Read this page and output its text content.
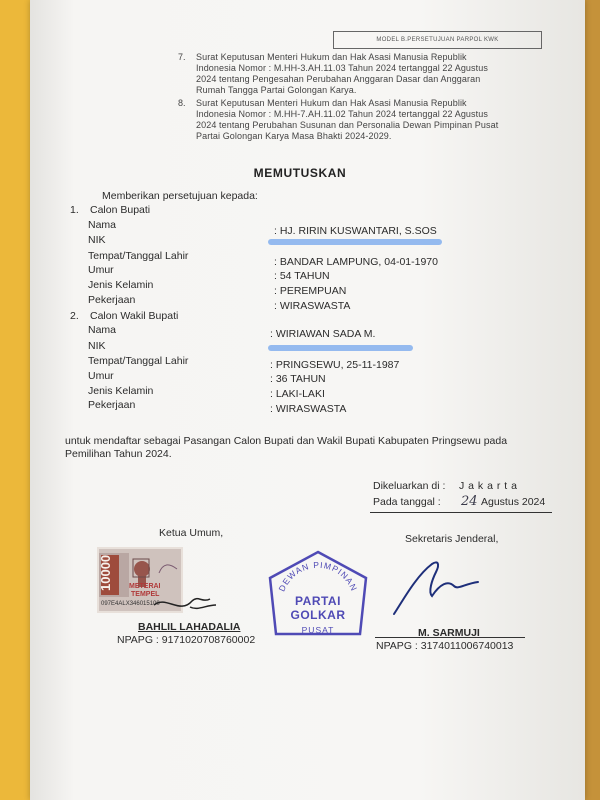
MODEL B.PERSETUJUAN PARPOL KWK
7. Surat Keputusan Menteri Hukum dan Hak Asasi Manusia Republik
Indonesia Nomor : M.HH-3.AH.11.03 Tahun 2024 tertanggal 22 Agustus
2024 tentang Pengesahan Perubahan Anggaran Dasar dan Anggaran
Rumah Tangga Partai Golongan Karya.
8. Surat Keputusan Menteri Hukum dan Hak Asasi Manusia Republik
Indonesia Nomor : M.HH-7.AH.11.02 Tahun 2024 tertanggal 22 Agustus
2024 tentang Perubahan Susunan dan Personalia Dewan Pimpinan Pusat
Partai Golongan Karya Masa Bhakti 2024-2029.
MEMUTUSKAN
Memberikan persetujuan kepada:
1. Calon Bupati
Nama	: HJ. RIRIN KUSWANTARI, S.SOS
NIK
Tempat/Tanggal Lahir	: BANDAR LAMPUNG, 04-01-1970
Umur	: 54 TAHUN
Jenis Kelamin	: PEREMPUAN
Pekerjaan	: WIRASWASTA
2. Calon Wakil Bupati
Nama	: WIRIAWAN SADA M.
NIK
Tempat/Tanggal Lahir	: PRINGSEWU, 25-11-1987
Umur	: 36 TAHUN
Jenis Kelamin	: LAKI-LAKI
Pekerjaan	: WIRASWASTA
untuk mendaftar sebagai Pasangan Calon Bupati dan Wakil Bupati Kabupaten Pringsewu pada
Pemilihan Tahun 2024.
Dikeluarkan di : J a k a r t a
Pada tanggal : 24 Agustus 2024
Ketua Umum,	Sekretaris Jenderal,
10000 METERAI
TEMPEL
097E4ALX346015100
DEWAN PIMPINAN
PARTAI
GOLKAR
PUSAT
BAHLIL LAHADALIA
NPAPG : 9171020708760002
M. SARMUJI
NPAPG : 3174011006740013
